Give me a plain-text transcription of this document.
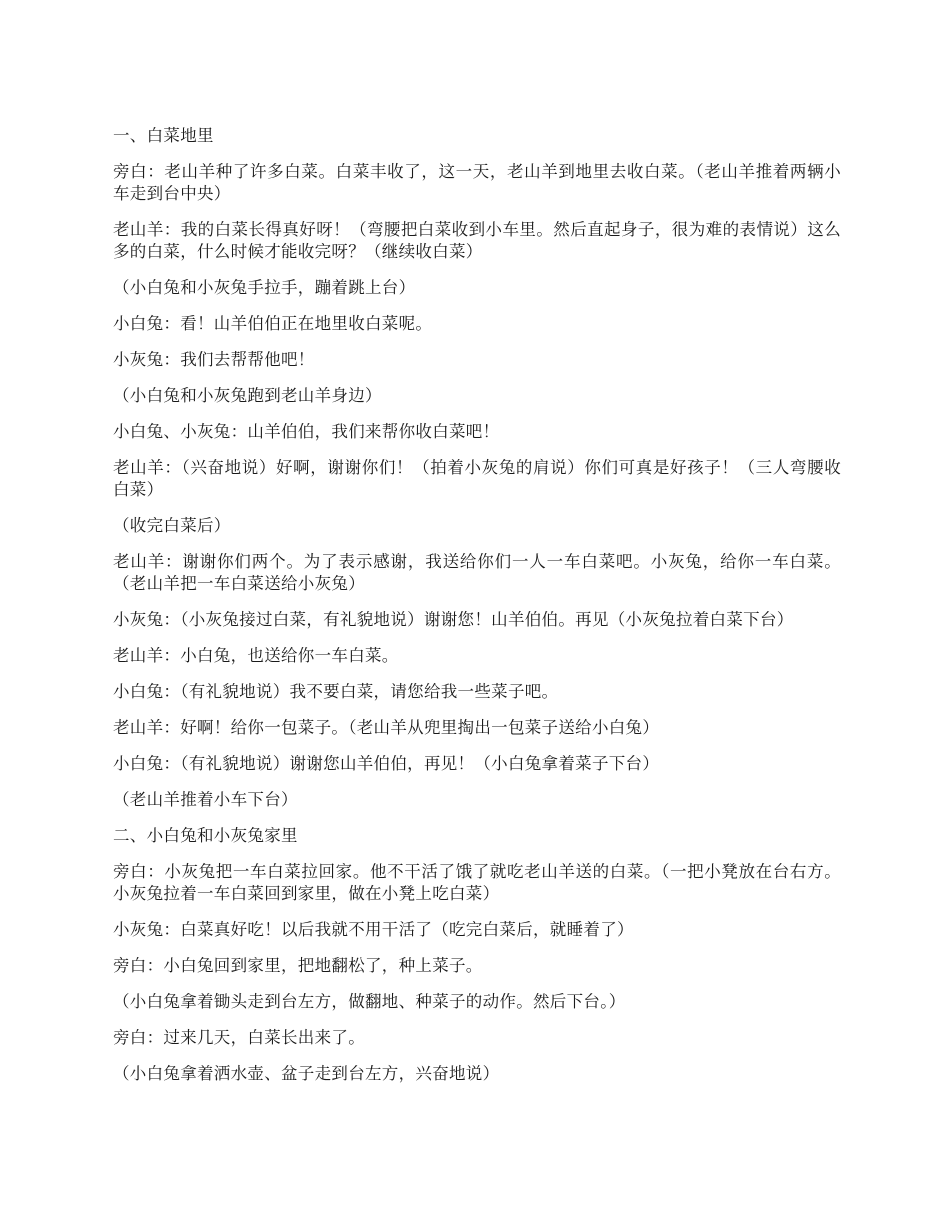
一、白菜地里

旁白：老山羊种了许多白菜。白菜丰收了，这一天，老山羊到地里去收白菜。（老山羊推着两辆小车走到台中央）

老山羊：我的白菜长得真好呀！（弯腰把白菜收到小车里。然后直起身子，很为难的表情说）这么多的白菜，什么时候才能收完呀？（继续收白菜）

（小白兔和小灰兔手拉手，蹦着跳上台）

小白兔：看！山羊伯伯正在地里收白菜呢。

小灰兔：我们去帮帮他吧！

（小白兔和小灰兔跑到老山羊身边）

小白兔、小灰兔：山羊伯伯，我们来帮你收白菜吧！

老山羊：（兴奋地说）好啊，谢谢你们！（拍着小灰兔的肩说）你们可真是好孩子！（三人弯腰收白菜）

（收完白菜后）

老山羊：谢谢你们两个。为了表示感谢，我送给你们一人一车白菜吧。小灰兔，给你一车白菜。（老山羊把一车白菜送给小灰兔）

小灰兔：（小灰兔接过白菜，有礼貌地说）谢谢您！山羊伯伯。再见（小灰兔拉着白菜下台）

老山羊：小白兔，也送给你一车白菜。

小白兔：（有礼貌地说）我不要白菜，请您给我一些菜子吧。

老山羊：好啊！给你一包菜子。（老山羊从兜里掏出一包菜子送给小白兔）

小白兔：（有礼貌地说）谢谢您山羊伯伯，再见！（小白兔拿着菜子下台）

（老山羊推着小车下台）

二、小白兔和小灰兔家里

旁白：小灰兔把一车白菜拉回家。他不干活了饿了就吃老山羊送的白菜。（一把小凳放在台右方。小灰兔拉着一车白菜回到家里，做在小凳上吃白菜）

小灰兔：白菜真好吃！以后我就不用干活了（吃完白菜后，就睡着了）

旁白：小白兔回到家里，把地翻松了，种上菜子。

（小白兔拿着锄头走到台左方，做翻地、种菜子的动作。然后下台。）

旁白：过来几天，白菜长出来了。

（小白兔拿着洒水壶、盆子走到台左方，兴奋地说）
